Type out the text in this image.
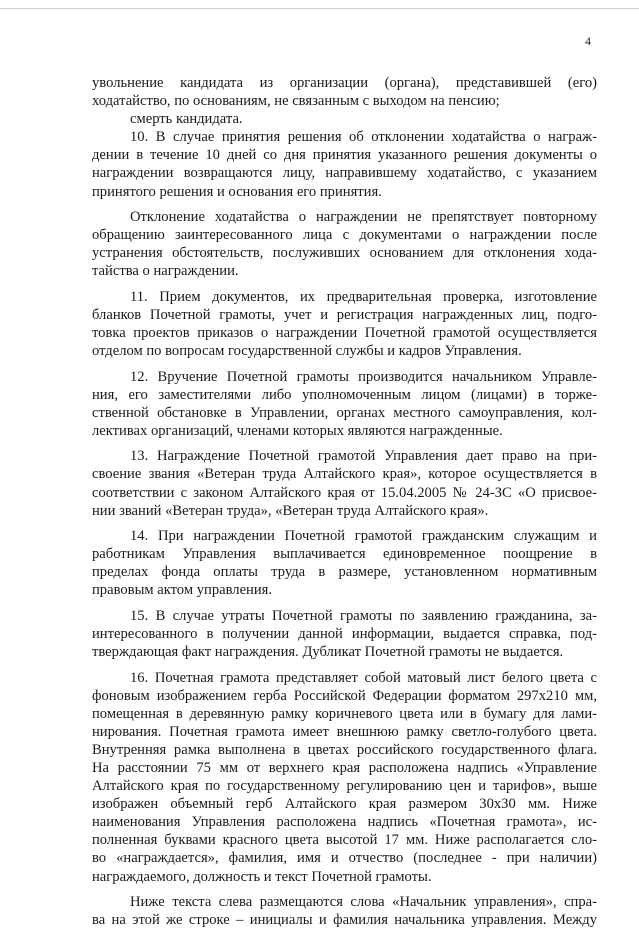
4
увольнение кандидата из организации (органа), представившей (его)
ходатайство, по основаниям, не связанным с выходом на пенсию;
смерть кандидата.
10. В случае принятия решения об отклонении ходатайства о награж-
дении в течение 10 дней со дня принятия указанного решения документы о
награждении возвращаются лицу, направившему ходатайство, с указанием
принятого решения и основания его принятия.
Отклонение ходатайства о награждении не препятствует повторному
обращению заинтересованного лица с документами о награждении после
устранения обстоятельств, послуживших основанием для отклонения хода-
тайства о награждении.
11. Прием документов, их предварительная проверка, изготовление
бланков Почетной грамоты, учет и регистрация награжденных лиц, подго-
товка проектов приказов о награждении Почетной грамотой осуществляется
отделом по вопросам государственной службы и кадров Управления.
12. Вручение Почетной грамоты производится начальником Управле-
ния, его заместителями либо уполномоченным лицом (лицами) в торже-
ственной обстановке в Управлении, органах местного самоуправления, кол-
лективах организаций, членами которых являются награжденные.
13. Награждение Почетной грамотой Управления дает право на при-
своение звания «Ветеран труда Алтайского края», которое осуществляется в
соответствии с законом Алтайского края от 15.04.2005 № 24-ЗС «О присвое-
нии званий «Ветеран труда», «Ветеран труда Алтайского края».
14. При награждении Почетной грамотой гражданским служащим и
работникам Управления выплачивается единовременное поощрение в
пределах фонда оплаты труда в размере, установленном нормативным
правовым актом управления.
15. В случае утраты Почетной грамоты по заявлению гражданина, за-
интересованного в получении данной информации, выдается справка, под-
тверждающая факт награждения. Дубликат Почетной грамоты не выдается.
16. Почетная грамота представляет собой матовый лист белого цвета с
фоновым изображением герба Российской Федерации форматом 297х210 мм,
помещенная в деревянную рамку коричневого цвета или в бумагу для лами-
нирования. Почетная грамота имеет внешнюю рамку светло-голубого цвета.
Внутренняя рамка выполнена в цветах российского государственного флага.
На расстоянии 75 мм от верхнего края расположена надпись «Управление
Алтайского края по государственному регулированию цен и тарифов», выше
изображен объемный герб Алтайского края размером 30х30 мм. Ниже
наименования Управления расположена надпись «Почетная грамота», ис-
полненная буквами красного цвета высотой 17 мм. Ниже располагается сло-
во «награждается», фамилия, имя и отчество (последнее - при наличии)
награждаемого, должность и текст Почетной грамоты.
Ниже текста слева размещаются слова «Начальник управления», спра-
ва на этой же строке – инициалы и фамилия начальника управления. Между
